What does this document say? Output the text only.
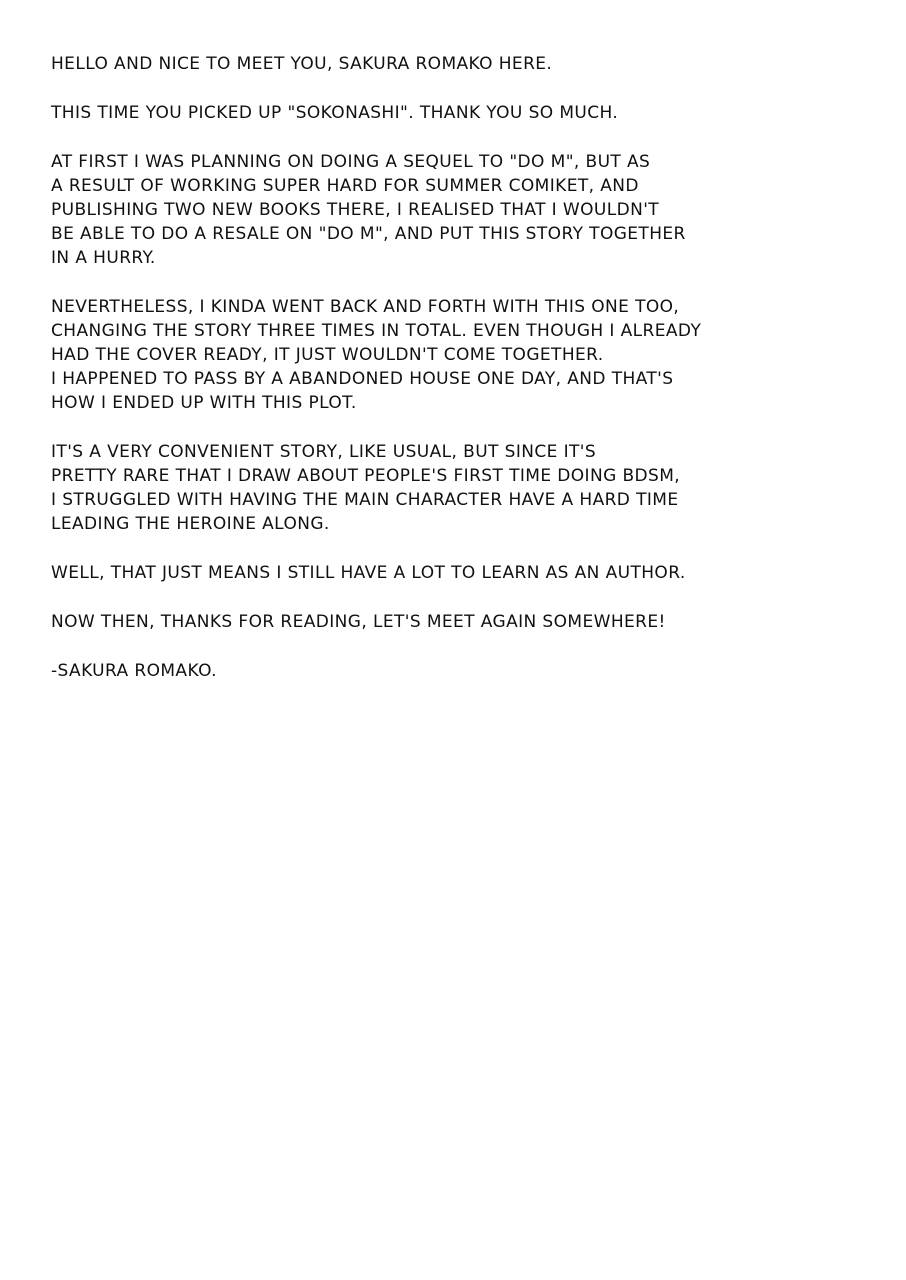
HELLO AND NICE TO MEET YOU, SAKURA ROMAKO HERE.
THIS TIME YOU PICKED UP "SOKONASHI". THANK YOU SO MUCH.
AT FIRST I WAS PLANNING ON DOING A SEQUEL TO "DO M", BUT AS
A RESULT OF WORKING SUPER HARD FOR SUMMER COMIKET, AND
PUBLISHING TWO NEW BOOKS THERE, I REALISED THAT I WOULDN'T
BE ABLE TO DO A RESALE ON "DO M", AND PUT THIS STORY TOGETHER
IN A HURRY.
NEVERTHELESS, I KINDA WENT BACK AND FORTH WITH THIS ONE TOO,
CHANGING THE STORY THREE TIMES IN TOTAL. EVEN THOUGH I ALREADY
HAD THE COVER READY, IT JUST WOULDN'T COME TOGETHER.
I HAPPENED TO PASS BY A ABANDONED HOUSE ONE DAY, AND THAT'S
HOW I ENDED UP WITH THIS PLOT.
IT'S A VERY CONVENIENT STORY, LIKE USUAL, BUT SINCE IT'S
PRETTY RARE THAT I DRAW ABOUT PEOPLE'S FIRST TIME DOING BDSM,
I STRUGGLED WITH HAVING THE MAIN CHARACTER HAVE A HARD TIME
LEADING THE HEROINE ALONG.
WELL, THAT JUST MEANS I STILL HAVE A LOT TO LEARN AS AN AUTHOR.
NOW THEN, THANKS FOR READING, LET'S MEET AGAIN SOMEWHERE!
-SAKURA ROMAKO.
